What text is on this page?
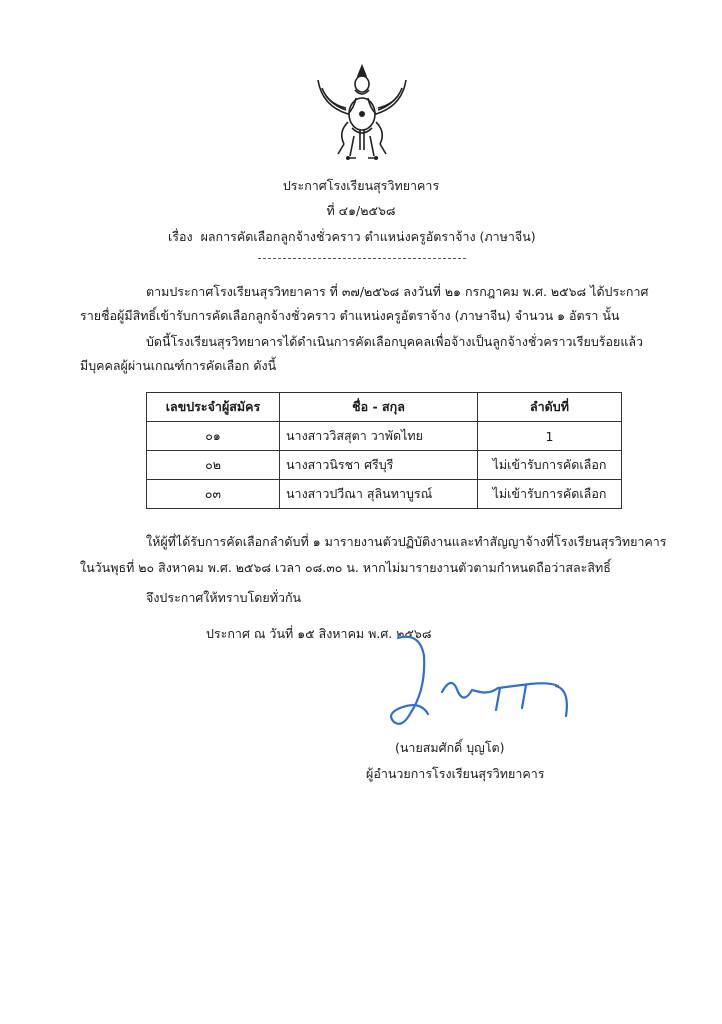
ประกาศโรงเรียนสุรวิทยาคาร
ที่ ๔๑/๒๕๖๘
เรื่อง ผลการคัดเลือกลูกจ้างชั่วคราว ตำแหน่งครูอัตราจ้าง (ภาษาจีน)
ตามประกาศโรงเรียนสุรวิทยาคาร ที่ ๓๗/๒๕๖๘ ลงวันที่ ๒๑ กรกฎาคม พ.ศ. ๒๕๖๘ ได้ประกาศ
รายชื่อผู้มีสิทธิ์เข้ารับการคัดเลือกลูกจ้างชั่วคราว ตำแหน่งครูอัตราจ้าง (ภาษาจีน) จำนวน ๑ อัตรา นั้น
บัดนี้โรงเรียนสุรวิทยาคารได้ดำเนินการคัดเลือกบุคคลเพื่อจ้างเป็นลูกจ้างชั่วคราวเรียบร้อยแล้ว
มีบุคคลผู้ผ่านเกณฑ์การคัดเลือก ดังนี้
เลขประจำผู้สมัคร	ชื่อ - สกุล	ลำดับที่
๐๑	นางสาววิสสุตา วาพัดไทย	1
๐๒	นางสาวนิรชา ศรีบุรี	ไม่เข้ารับการคัดเลือก
๐๓	นางสาวปวีณา สุลินทาบูรณ์	ไม่เข้ารับการคัดเลือก
ให้ผู้ที่ได้รับการคัดเลือกลำดับที่ ๑ มารายงานตัวปฏิบัติงานและทำสัญญาจ้างที่โรงเรียนสุรวิทยาคาร
ในวันพุธที่ ๒๐ สิงหาคม พ.ศ. ๒๕๖๘ เวลา ๐๘.๓๐ น. หากไม่มารายงานตัวตามกำหนดถือว่าสละสิทธิ์
จึงประกาศให้ทราบโดยทั่วกัน
ประกาศ ณ วันที่ ๑๕ สิงหาคม พ.ศ. ๒๕๖๘
(นายสมศักดิ์ บุญโต)
ผู้อำนวยการโรงเรียนสุรวิทยาคาร
